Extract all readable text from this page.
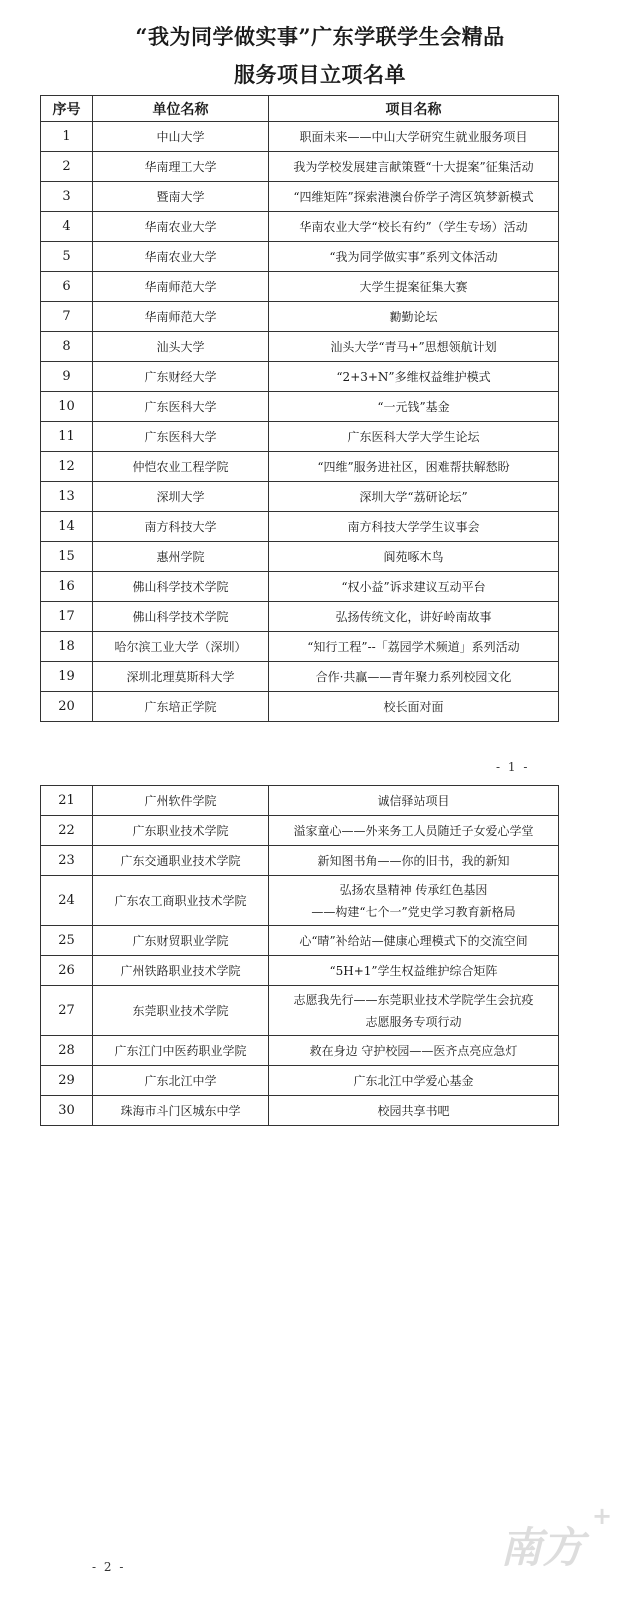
“我为同学做实事”广东学联学生会精品
服务项目立项名单
序号	单位名称	项目名称
1	中山大学	职面未来——中山大学研究生就业服务项目

2	华南理工大学	我为学校发展建言献策暨“十大提案”征集活动

3	暨南大学	“四维矩阵”探索港澳台侨学子湾区筑梦新模式

4	华南农业大学	华南农业大学“校长有约”（学生专场）活动

5	华南农业大学	“我为同学做实事”系列文体活动

6	华南师范大学	大学生提案征集大赛

7	华南师范大学	勷勤论坛

8	汕头大学	汕头大学“青马+”思想领航计划

9	广东财经大学	“2+3+N”多维权益维护模式

10	广东医科大学	“一元钱”基金

11	广东医科大学	广东医科大学大学生论坛

12	仲恺农业工程学院	“四维”服务进社区，困难帮扶解愁盼

13	深圳大学	深圳大学“荔研论坛”

14	南方科技大学	南方科技大学学生议事会

15	惠州学院	阆苑啄木鸟

16	佛山科学技术学院	“权小益”诉求建议互动平台

17	佛山科学技术学院	弘扬传统文化，讲好岭南故事

18	哈尔滨工业大学（深圳）	“知行工程”--「荔园学术频道」系列活动

19	深圳北理莫斯科大学	合作·共赢——青年聚力系列校园文化

20	广东培正学院	校长面对面
- 1 -
21	广州软件学院	诚信驿站项目

22	广东职业技术学院	溢家童心——外来务工人员随迁子女爱心学堂

23	广东交通职业技术学院	新知图书角——你的旧书，我的新知

24	广东农工商职业技术学院	弘扬农垦精神 传承红色基因
——构建“七个一”党史学习教育新格局

25	广东财贸职业学院	心“晴”补给站—健康心理模式下的交流空间

26	广州铁路职业技术学院	“5H+1”学生权益维护综合矩阵

27	东莞职业技术学院	志愿我先行——东莞职业技术学院学生会抗疫
志愿服务专项行动

28	广东江门中医药职业学院	救在身边 守护校园——医齐点亮应急灯

29	广东北江中学	广东北江中学爱心基金

30	珠海市斗门区城东中学	校园共享书吧
- 2 -	南方
+
